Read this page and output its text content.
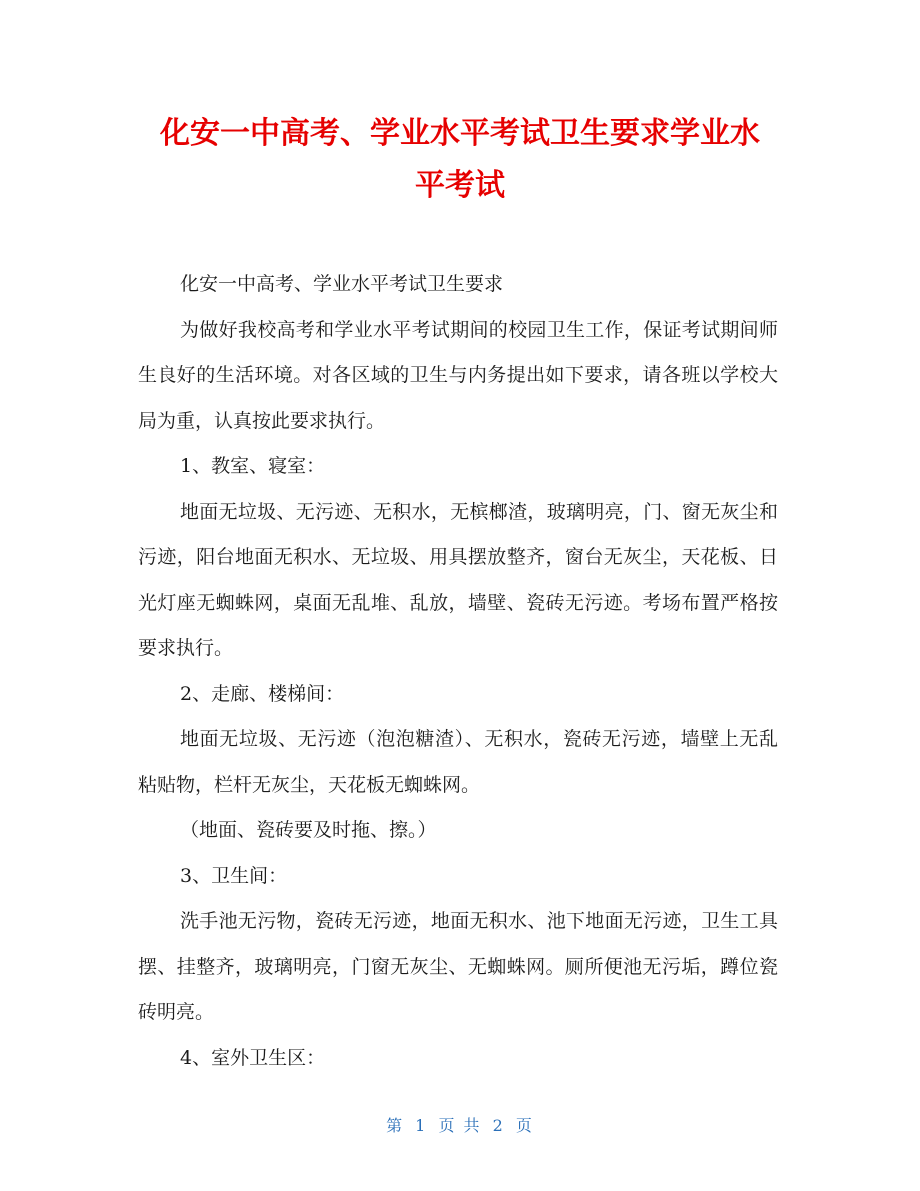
化安一中高考、学业水平考试卫生要求学业水
平考试

化安一中高考、学业水平考试卫生要求

为做好我校高考和学业水平考试期间的校园卫生工作，保证考试期间师生良好的生活环境。对各区域的卫生与内务提出如下要求，请各班以学校大局为重，认真按此要求执行。

1、教室、寝室：

地面无垃圾、无污迹、无积水，无槟榔渣，玻璃明亮，门、窗无灰尘和污迹，阳台地面无积水、无垃圾、用具摆放整齐，窗台无灰尘，天花板、日光灯座无蜘蛛网，桌面无乱堆、乱放，墙壁、瓷砖无污迹。考场布置严格按要求执行。

2、走廊、楼梯间：

地面无垃圾、无污迹（泡泡糖渣）、无积水，瓷砖无污迹，墙壁上无乱粘贴物，栏杆无灰尘，天花板无蜘蛛网。

（地面、瓷砖要及时拖、擦。）

3、卫生间：

洗手池无污物，瓷砖无污迹，地面无积水、池下地面无污迹，卫生工具摆、挂整齐，玻璃明亮，门窗无灰尘、无蜘蛛网。厕所便池无污垢，蹲位瓷砖明亮。

4、室外卫生区：

第 1 页 共 2 页
